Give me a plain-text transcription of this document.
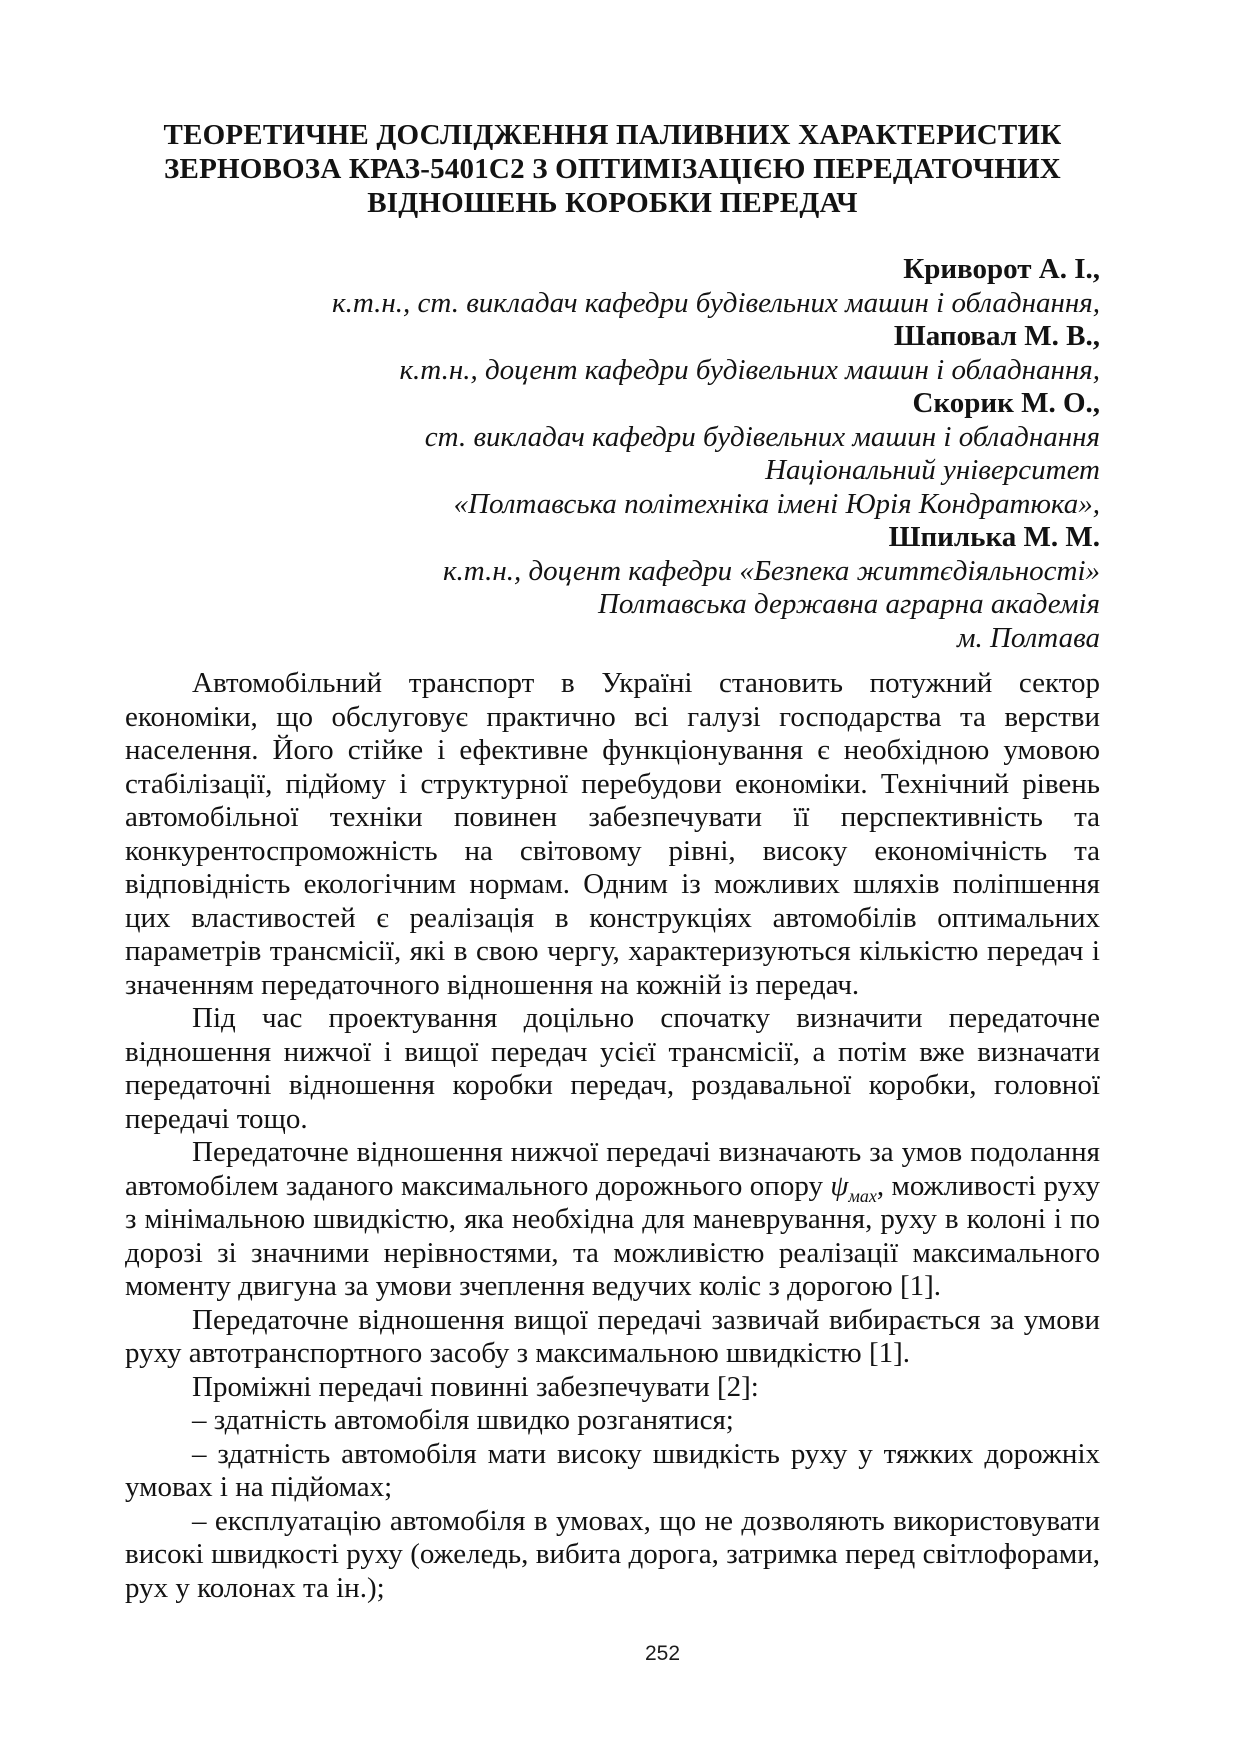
ТЕОРЕТИЧНЕ ДОСЛІДЖЕННЯ ПАЛИВНИХ ХАРАКТЕРИСТИК
ЗЕРНОВОЗА КРАЗ-5401С2 З ОПТИМІЗАЦІЄЮ ПЕРЕДАТОЧНИХ
ВІДНОШЕНЬ КОРОБКИ ПЕРЕДАЧ
Криворот А. І.,
к.т.н., ст. викладач кафедри будівельних машин і обладнання,
Шаповал М. В.,
к.т.н., доцент кафедри будівельних машин і обладнання,
Скорик М. О.,
ст. викладач кафедри будівельних машин і обладнання
Національний університет
«Полтавська політехніка імені Юрія Кондратюка»,
Шпилька М. М.
к.т.н., доцент кафедри «Безпека життєдіяльності»
Полтавська державна аграрна академія
м. Полтава

Автомобільний транспорт в Україні становить потужний сектор економіки, що обслуговує практично всі галузі господарства та верстви населення. Його стійке і ефективне функціонування є необхідною умовою стабілізації, підйому і структурної перебудови економіки. Технічний рівень автомобільної техніки повинен забезпечувати її перспективність та конкурентоспроможність на світовому рівні, високу економічність та відповідність екологічним нормам. Одним із можливих шляхів поліпшення цих властивостей є реалізація в конструкціях автомобілів оптимальних параметрів трансмісії, які в свою чергу, характеризуються кількістю передач і значенням передаточного відношення на кожній із передач.

Під час проектування доцільно спочатку визначити передаточне відношення нижчої і вищої передач усієї трансмісії, а потім вже визначати передаточні відношення коробки передач, роздавальної коробки, головної передачі тощо.

Передаточне відношення нижчої передачі визначають за умов подолання автомобілем заданого максимального дорожнього опору $\psi_{мах}$, можливості руху з мінімальною швидкістю, яка необхідна для маневрування, руху в колоні і по дорозі зі значними нерівностями, та можливістю реалізації максимального моменту двигуна за умови зчеплення ведучих коліс з дорогою [1].

Передаточне відношення вищої передачі зазвичай вибирається за умови руху автотранспортного засобу з максимальною швидкістю [1].

Проміжні передачі повинні забезпечувати [2]:

– здатність автомобіля швидко розганятися;

– здатність автомобіля мати високу швидкість руху у тяжких дорожніх умовах і на підйомах;

– експлуатацію автомобіля в умовах, що не дозволяють використовувати високі швидкості руху (ожеледь, вибита дорога, затримка перед світлофорами, рух у колонах та ін.);

252
